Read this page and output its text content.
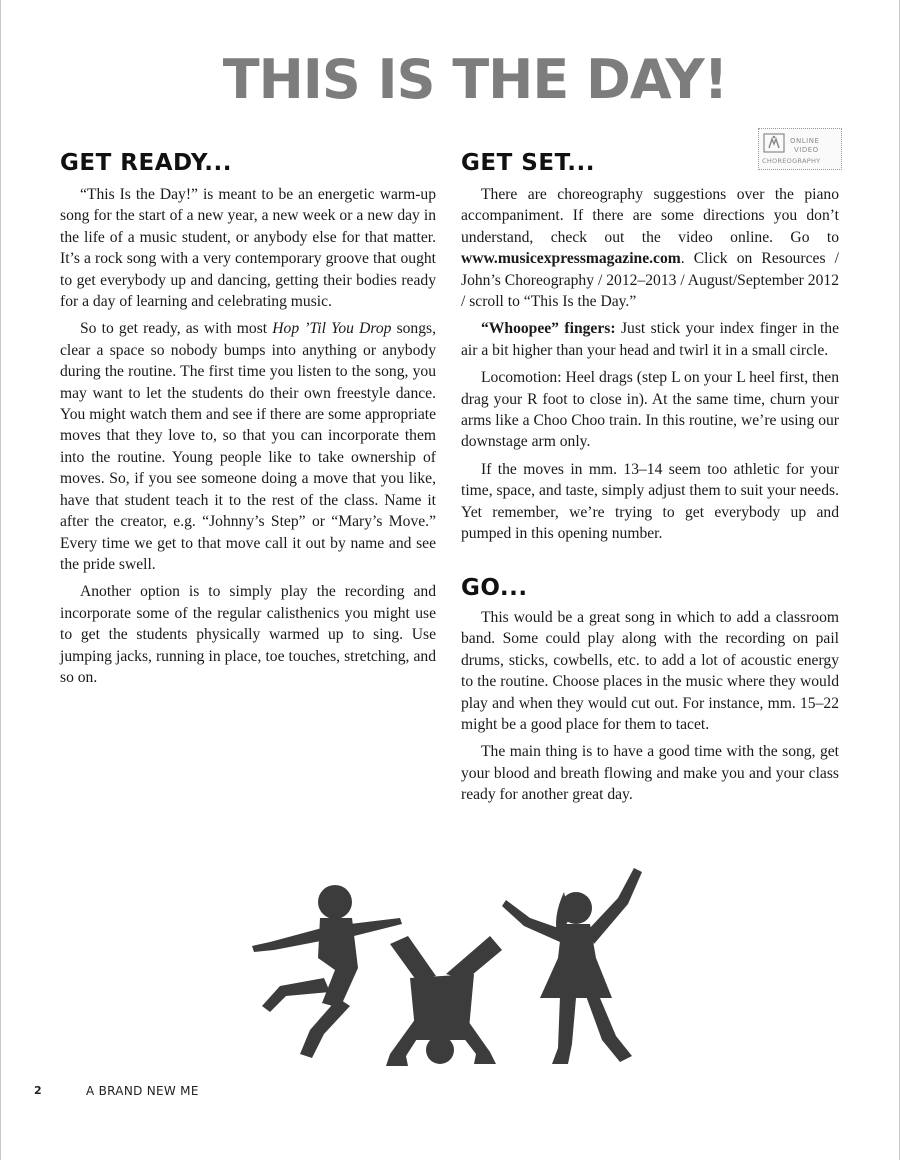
THIS IS THE DAY!
GET READY...

“This Is the Day!” is meant to be an energetic warm-up song for the start of a new year, a new week or a new day in the life of a music student, or anybody else for that matter. It’s a rock song with a very contemporary groove that ought to get everybody up and dancing, getting their bodies ready for a day of learning and celebrating music.

So to get ready, as with most Hop ’Til You Drop songs, clear a space so nobody bumps into anything or anybody during the routine. The first time you listen to the song, you may want to let the students do their own freestyle dance. You might watch them and see if there are some appropriate moves that they love to, so that you can incorporate them into the routine. Young people like to take ownership of moves. So, if you see someone doing a move that you like, have that student teach it to the rest of the class. Name it after the creator, e.g. “Johnny’s Step” or “Mary’s Move.” Every time we get to that move call it out by name and see the pride swell.

Another option is to simply play the recording and incorporate some of the regular calisthenics you might use to get the students physically warmed up to sing. Use jumping jacks, running in place, toe touches, stretching, and so on.

GET SET...
ONLINE
VIDEO
CHOREOGRAPHY

There are choreography suggestions over the piano accompaniment. If there are some directions you don’t understand, check out the video online. Go to www.musicexpressmagazine.com. Click on Resources / John’s Choreography / 2012–2013 / August/September 2012 / scroll to “This Is the Day.”

“Whoopee” fingers: Just stick your index finger in the air a bit higher than your head and twirl it in a small circle.

Locomotion: Heel drags (step L on your L heel first, then drag your R foot to close in). At the same time, churn your arms like a Choo Choo train. In this routine, we’re using our downstage arm only.

If the moves in mm. 13–14 seem too athletic for your time, space, and taste, simply adjust them to suit your needs. Yet remember, we’re trying to get everybody up and pumped in this opening number.

GO...

This would be a great song in which to add a classroom band. Some could play along with the recording on pail drums, sticks, cowbells, etc. to add a lot of acoustic energy to the routine. Choose places in the music where they would play and when they would cut out. For instance, mm. 15–22 might be a good place for them to tacet.

The main thing is to have a good time with the song, get your blood and breath flowing and make you and your class ready for another great day.

2	A BRAND NEW ME
